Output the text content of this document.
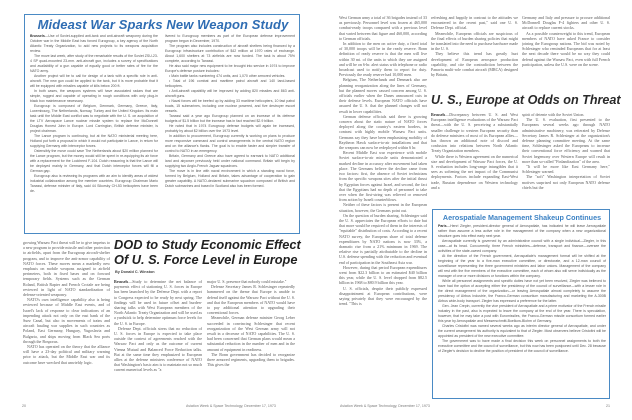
Mideast War Sparks New Weapon Study

Brussels—Use of Soviet-supplied anti-tank and anti-aircraft weaponry during the October war in the Middle East has forced Eurogroup, a key agency of the North Atlantic Treaty Organization, to add new projects to its weapons acquisition review.

The move last week, after study of the remarkable results of the Soviet ZSU-23-4 SP quad-mounted 23-mm. anti-aircraft gun, includes a survey of specifications and availability of a gun capable of equally good or better rates of fire for the NATO army.

Another project will be to call for design of a tank with a specific role in anti-aircraft. The new gun could be applied to the tank, but it is more probable that it will be equipped with missiles capable of kills below 200 ft.

In both cases, the weapons systems will have associated radars that are simple, rugged and capable of operating in rough conditions with only plug-in black box maintenance necessary.

Eurogroup is composed of Belgium, Denmark, Germany, Greece, Italy, Luxembourg, The Netherlands, Norway, Turkey and the United Kingdom. Its main task until the Middle East conflict was to negotiate with the U. S. on acquisition of the LTV Aerospace Lance nuclear missile system to replace the McDonnell Douglas Honest John in Europe. Lord Carrington, British defense minister, is project chairman.

The Lance program is continuing, but at the NATO ministerial meeting here, Holland put forth a proposal in which it would not participate in Lance, in return for supplying Germany with interceptor forces.

Ostensibly the move could save The Netherlands about $20 million planned for the Lance program, but the money would still be spent in re-equipping its air force with a replacement for the Lockheed F-104. Dutch reasoning is that the Lance will be deployed mainly in Germany, and that Dutch interceptor forces will fill a German gap.

Eurogroup also is reviewing its programs with an aim to identify areas of widest industrial collaboration among the member countries. Eurogroup Chairman Mario Tanassi, defense minister of Italy, said 44 Sikorsky CH-53 helicopters have been de-

livered to Eurogroup members as part of the European defense improvement program begun in December, 1970.

The program also includes construction of aircraft shelters being financed by a Eurogroup infrastructure contribution of $42 million at 1970 rates of exchange. About 1,600 shelters at 73 airfields are now funded. The task is about 75% complete, according to Tanassi.

He also said major new equipment to be brought into service in 1974 to improve Europe's defense posture includes:

• Main battle tanks numbering 474 units, and 1,070 other armored vehicles.

• Total of 196 combat and maritime patrol aircraft and 140 land-based helicopters.

• Anti-aircraft capability will be improved by adding 820 missiles and 863 anti-aircraft guns.

• Naval forces will be beefed up by adding 33 maritime helicopters, 10 fast patrol boats, 15 submarines, including one nuclear powered, and five destroyer escort vessels.

Tanassi said a year ago Eurogroup planned on an increase of its defense budgets of $1.5 billion but the increase has in fact reached $2.9 billion.

He noted that in 1974 Eurogroup defense budgets will again be increased, probably by about $2 billion over the 1973 level.

In addition to procurement, Eurogroup currently is working on plans to produce more responsive command and control arrangements in the central NATO region and on the alliance's flanks. The goal is to enable faster and simpler transfer of control to NATO in an emergency.

Britain, Germany and Greece also have agreed to earmark to NATO additional land and airpower previously held under national command. Britain will begin by supplying two Anglo-French Jaguar squadrons.

The move is in line with naval environment in which a standing naval force, formed by Belgium, Holland and Britain, takes advantage of cooperation to gain greater capability. A NATO-declared submarine squadron composed of British and Dutch submarines and based in Scotland also has been formed.

growing Warsaw Pact threat will be to give impetus to a new program to provide missile and other protection to airfields, apart from the Eurogroup aircraft-shelter program, and to improve the anti-armor capability of NATO forces. These moves mean a markedly new emphasis on mobile weapons assigned to airfield perimeters, both in fixed bases and on forward temporary fields. Systems such as the German Roland, British Rapier and French Crotale are being reviewed in light of NATO standardization of defense-oriented weaponry.

NATO's own intelligence capability also is being reviewed because of Middle East events, and of Israel's lack of response to clear indications of an impending attack not only on the east bank of the Suez Canal, but also in movements of trains and aircraft hauling war supplies in such countries as Poland, East Germany, Hungary, Yugoslavia and Bulgaria, and ships moving from Black Sea ports through the Bosporus.

NATO has operated on the theory that the alliance will have a 23-day political and military warning prior to attack, but the Middle East war and its outcome have wrecked that unwieldy logic.

DOD to Study Economic Effect
Of U. S. Force Level in Europe
By Donald C. Winston

Brussels—Study to determine the net balance of payments effect of stationing U. S. forces in Europe has been launched by the Defense Dept. with a report to Congress expected to be ready by next spring. The findings will be used in future offset and burden-sharing talks with West European members of the North Atlantic Treaty Organization and will be used as a yardstick to help determine optimum force levels for the U. S. in Europe.

Defense Dept. officials stress that no reduction of U. S. forces in Europe is expected to take place outside the context of agreements reached with the Warsaw Pact and only as the outcome of current Vienna Mutual and Balanced Force Reduction talks. But at the same time they emphasized to European allies at the defense ministers conference of NATO that Washington's basic aim is to maintain not so much current numerical levels as "a

major U. S. presence that nobody could mistake."

Defense Secretary James R. Schlesinger repeatedly hammered on the theme that Europe is unable to defend itself against the Warsaw Pact without the U. S. and that the European members of NATO would have to pay additional attention to upgrading their conventional forces.

Meanwhile, German defense minister Georg Leber succeeded in convincing Schlesinger that recent reorganization of the West German army will not result in a decrease of NATO capabilities. The U. S. had been concerned that German plans would mean a substantial reduction in the number of men and in the amount of equipment in readiness.

The Bonn government has decided to reorganize three armored regiments, upgrading them to brigades. This gives the

20	Aviation Week & Space Technology, December 17, 1973

West German army a total of 36 brigades instead of 33 as previously. Personnel level was frozen at 465,000 combat-ready troops compared with a previous level that varied between that figure and 460,000, according to German officials.

In addition to the men on active duty, a fixed total of 30,000 troops will be in the ready reserve. Bonn definition of ready reserve is that the men will live within 30 mi. of the units to which they are assigned and will be on 6-hr. alert status with telephone or radio broadcast used to notify them to report for duty. Previously the ready reserve had 10,000 men.

Belgium, The Netherlands and Denmark also are planning reorganization along the lines of Germany, but the planned moves caused concern among U. S. officials earlier when the Danes announced cuts in their defense levels. European NATO officials have assured the U. S. that the planned changes will not result in lower capabilities.

German defense officials said there is growing concern about the static nature of NATO forces deployed along the country's eastern borders, in contrast with highly mobile Warsaw Pact units. Germans say they have been emphasizing mobility of Raytheon Hawk surface-to-air installations and that the weapons can now be redeployed within 6 hr.

Recent Middle East war experience with mobile Soviet surface-to-air missile units demonstrated a marked decline in accuracy after movement had taken place. The Germans believe the decline came from two factors: first, the absence of Soviet technicians from the specific weapons sites after the initial thrust by Egyptian forces against Israel, and second, the fact that the Egyptians had no depth of personnel to take over when the first-string was relieved or removed from action by Israeli counterblows.

Neither of these factors is present in the European situation, however, the Germans point out.

On the question of burden sharing, Schlesinger said the U. S. appreciates the European efforts to date but that more would be required of them in the interests of "equitable" distribution of costs. According to a recent NATO survey, the European share of total defense expenditures by NATO nations is now 33%, a dramatic rise from a 21% minimum in 1969. The relative rise is partially attributable to the decline in U.S. defense spending with the reduction and eventual end of participation in the Southeast Asia war.

However, during that period European expenditures went from $22.3 billion to an estimated $40 billion this year, while the U. S. level dropped from $82.5 billion in 1968 to $80.9 billion this year.

U. S. officials, despite their publicly expressed disappointment at European contributions, were saying privately that they were encouraged by the trend. "This is

refreshing and happily in contrast to the attitudes we encountered in the recent past," said one U. S. Defense Dept. official.

Meanwhile, European officials are suspicious of the final effects of burden sharing policies that might be translated into the need to purchase hardware made in the U. S.

They believe this trend has greatly hurt development of European aerospace production capability, and cite the contradiction between the Panavia multi-role combat aircraft (MRCA) designed by Britain,

Germany and Italy and pressure to procure additional McDonnell Douglas F-4 fighters and other U. S. aircraft to replace current stocks.

As a possible counterweight to this trend, European members of NATO have asked France to consider joining the Eurogroup nations. The bid was noted by Schlesinger who reminded Europeans that for at least the next decade there would be no way they could defend against the Warsaw Pact, even with full French participation, unless the U.S. were on the scene.

U. S., Europe at Odds on Threat

Brussels—Discrepancy between U. S. and West European intelligence evaluations of the Warsaw Pact threat—with the U. S. perceiving a substantially smaller challenge to western European security than do defense ministers of most of its European allies—has thrown an additional note of discord and confusion into relations between North Atlantic Treaty Organization members.

While there is Western agreement on the numerical size and development of Warsaw Pact forces, the U. S. evaluation includes long-range intangibles that it sees as softening the net impact of the Communist deployments. Factors include expanding East-West trade, Russian dependence on Western technology and a

spirit of detente with the Soviet Union.

The U. S. evaluation, first presented to the Europeans several weeks ago through NATO administrative machinery, was reiterated by Defense Secretary James R. Schlesinger at the organization's defense planning committee meeting. At the same time, Schlesinger asked the Europeans to increase their conventional force efficiency and warned that Soviet hegemony over Western Europe will result in more than so-called "Finlandization" of the area.

"It will be more like East Germany here," Schlesinger warned.

The "soft" Washington interpretation of Soviet motives surprised not only European NATO defense chiefs but the

Aerospatiale Management Shakeup Continues

Paris—Henri Ziegler, president-director general of Aerospatiale, has indicated he will leave Aerospatiale rather than assume a less active role in the management of the company when a new organizational structure goes into effect early next year.

Aerospatiale currently is governed by an administrative council with a single individual—Ziegler, in this case—at its head. Concurrently, three French ministries—defense, transport and finance—oversee the activities of the state-owned company.

At the direction of the French government, Aerospatiale's management format will be shifted at the beginning of the year to a five-man executive committee, or directorate, and a 12-man council of surveillance representing the three government ministries and labor unions. Management of the company will rest with the five members of the executive committee, each of whom also will serve individually as the manager of one or more divisions or functions within the company.

While all personnel assignments and specific duties have not yet been resolved, Ziegler was believed to have had the option of accepting either the presidency of the council of surveillance—with a lesser role in the direct management of the organization—or leaving Aerospatiale almost completely to assume the presidency of Airbus Industrie, the Franco-German consortium manufacturing and marketing the A-300B Airbus wide-body transport. Ziegler has expressed a preference for the latter.

Gen. Jean Crepin, currently the vice president of Aerospatiale and a prime motivator of the French missile industry in the past, also is expected to leave the company at the end of the year. There is speculation, however, that he may take a post with Euromissiles, the Franco-German missile consortium formed earlier this year by Aerospatiale and Messerschmitt-Boelkow-Blohm of Germany.

Charles Cristofini was named several weeks ago as interim director general of Aerospatiale, and under the current arrangement his authority is equivalent to that of Ziegler. Most observers believe Cristofini will be appointed as president of the new executive committee.

The government was to have made a final decision this week on personnel assignments to both the executive committee and the council of surveillance, but this now has been postponed until Dec. 28 because of Ziegler's decision to decline the position of president of the council of surveillance.

Aviation Week & Space Technology, December 17, 1973	21
